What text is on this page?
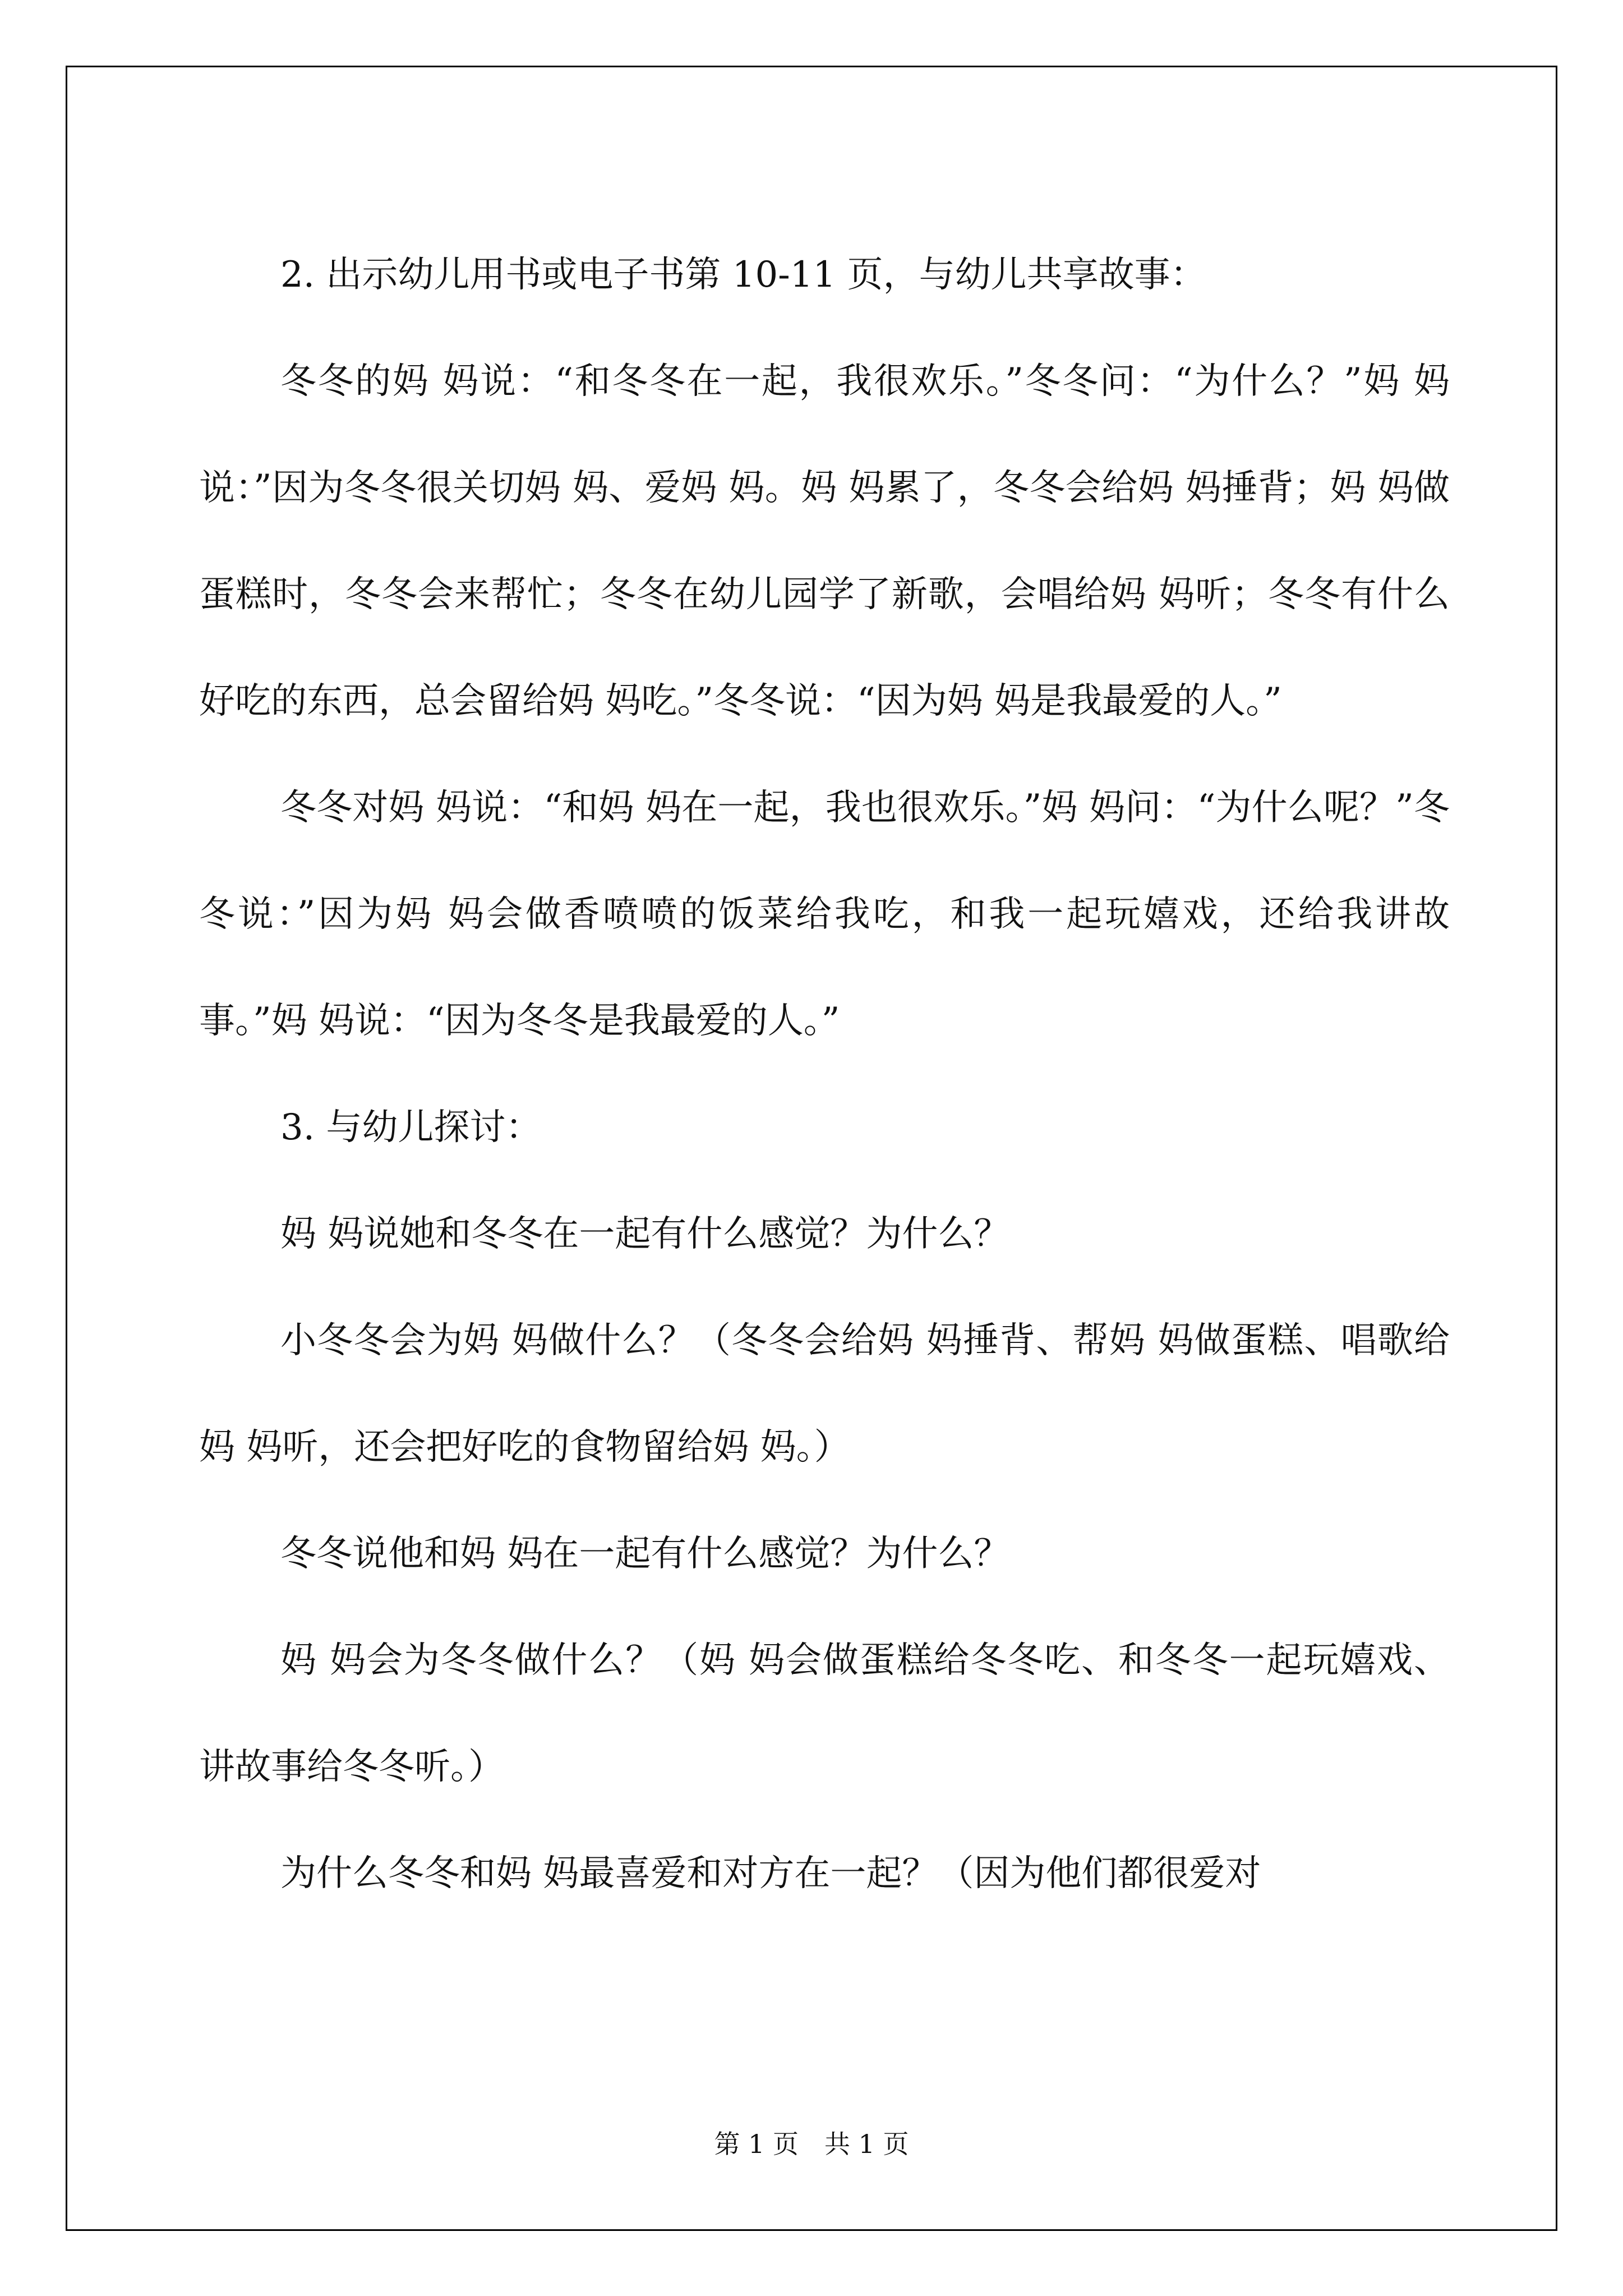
2. 出示幼儿用书或电子书第 10-11 页，与幼儿共享故事：

冬冬的妈 妈说：“和冬冬在一起，我很欢乐。”冬冬问：“为什么？”妈 妈说：”因为冬冬很关切妈 妈、爱妈 妈。妈 妈累了，冬冬会给妈 妈捶背；妈 妈做蛋糕时，冬冬会来帮忙；冬冬在幼儿园学了新歌，会唱给妈 妈听；冬冬有什么好吃的东西，总会留给妈 妈吃。”冬冬说：“因为妈 妈是我最爱的人。”

冬冬对妈 妈说：“和妈 妈在一起，我也很欢乐。”妈 妈问：“为什么呢？”冬冬说：”因为妈 妈会做香喷喷的饭菜给我吃，和我一起玩嬉戏，还给我讲故事。”妈 妈说：“因为冬冬是我最爱的人。”

3. 与幼儿探讨：

妈 妈说她和冬冬在一起有什么感觉？为什么？

小冬冬会为妈 妈做什么？（冬冬会给妈 妈捶背、帮妈 妈做蛋糕、唱歌给妈 妈听，还会把好吃的食物留给妈 妈。）

冬冬说他和妈 妈在一起有什么感觉？为什么？

妈 妈会为冬冬做什么？（妈 妈会做蛋糕给冬冬吃、和冬冬一起玩嬉戏、讲故事给冬冬听。）

为什么冬冬和妈 妈最喜爱和对方在一起？（因为他们都很爱对

第 1 页　共 1 页
